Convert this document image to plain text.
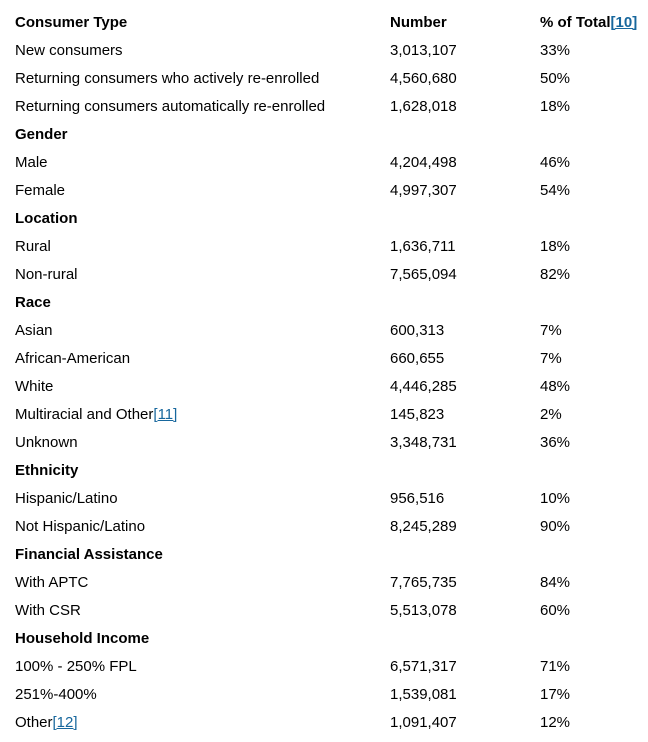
Consumer Type	Number	% of Total[10]
New consumers	3,013,107	33%
Returning consumers who actively re-enrolled	4,560,680	50%
Returning consumers automatically re-enrolled	1,628,018	18%
Gender		
Male	4,204,498	46%
Female	4,997,307	54%
Location		
Rural	1,636,711	18%
Non-rural	7,565,094	82%
Race		
Asian	600,313	7%
African-American	660,655	7%
White	4,446,285	48%
Multiracial and Other[11]	145,823	2%
Unknown	3,348,731	36%
Ethnicity		
Hispanic/Latino	956,516	10%
Not Hispanic/Latino	8,245,289	90%
Financial Assistance		
With APTC	7,765,735	84%
With CSR	5,513,078	60%
Household Income		
100% - 250% FPL	6,571,317	71%
251%-400%	1,539,081	17%
Other[12]	1,091,407	12%
